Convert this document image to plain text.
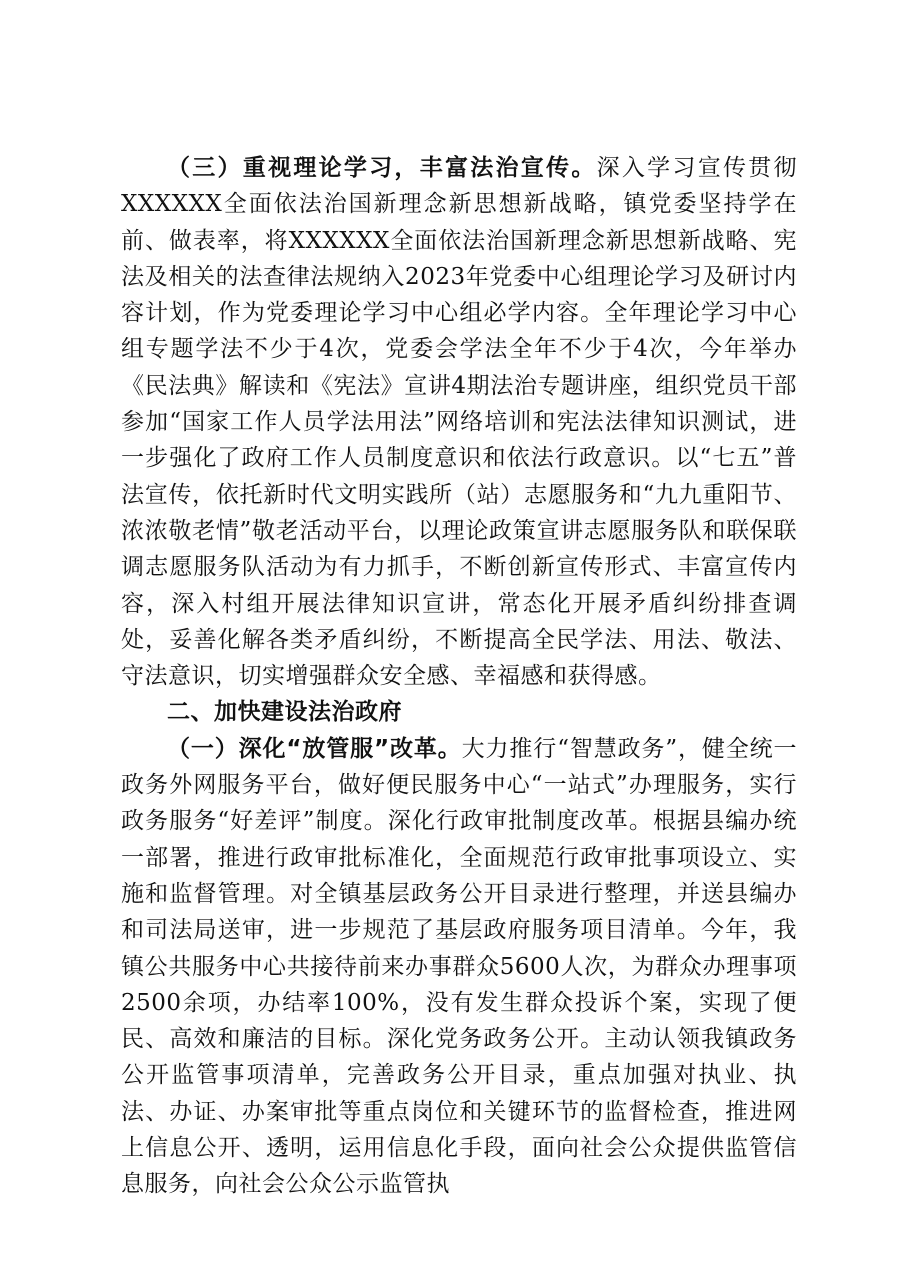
（三）重视理论学习，丰富法治宣传。深入学习宣传贯彻XXXXXX全面依法治国新理念新思想新战略，镇党委坚持学在前、做表率，将XXXXXX全面依法治国新理念新思想新战略、宪法及相关的法查律法规纳入2023年党委中心组理论学习及研讨内容计划，作为党委理论学习中心组必学内容。全年理论学习中心组专题学法不少于4次，党委会学法全年不少于4次，今年举办《民法典》解读和《宪法》宣讲4期法治专题讲座，组织党员干部参加“国家工作人员学法用法”网络培训和宪法法律知识测试，进一步强化了政府工作人员制度意识和依法行政意识。以“七五”普法宣传，依托新时代文明实践所（站）志愿服务和“九九重阳节、浓浓敬老情”敬老活动平台，以理论政策宣讲志愿服务队和联保联调志愿服务队活动为有力抓手，不断创新宣传形式、丰富宣传内容，深入村组开展法律知识宣讲，常态化开展矛盾纠纷排查调处，妥善化解各类矛盾纠纷，不断提高全民学法、用法、敬法、守法意识，切实增强群众安全感、幸福感和获得感。

二、加快建设法治政府

（一）深化“放管服”改革。大力推行“智慧政务”，健全统一政务外网服务平台，做好便民服务中心“一站式”办理服务，实行政务服务“好差评”制度。深化行政审批制度改革。根据县编办统一部署，推进行政审批标准化，全面规范行政审批事项设立、实施和监督管理。对全镇基层政务公开目录进行整理，并送县编办和司法局送审，进一步规范了基层政府服务项目清单。今年，我镇公共服务中心共接待前来办事群众5600人次，为群众办理事项2500余项，办结率100%，没有发生群众投诉个案，实现了便民、高效和廉洁的目标。深化党务政务公开。主动认领我镇政务公开监管事项清单，完善政务公开目录，重点加强对执业、执法、办证、办案审批等重点岗位和关键环节的监督检查，推进网上信息公开、透明，运用信息化手段，面向社会公众提供监管信息服务，向社会公众公示监管执
